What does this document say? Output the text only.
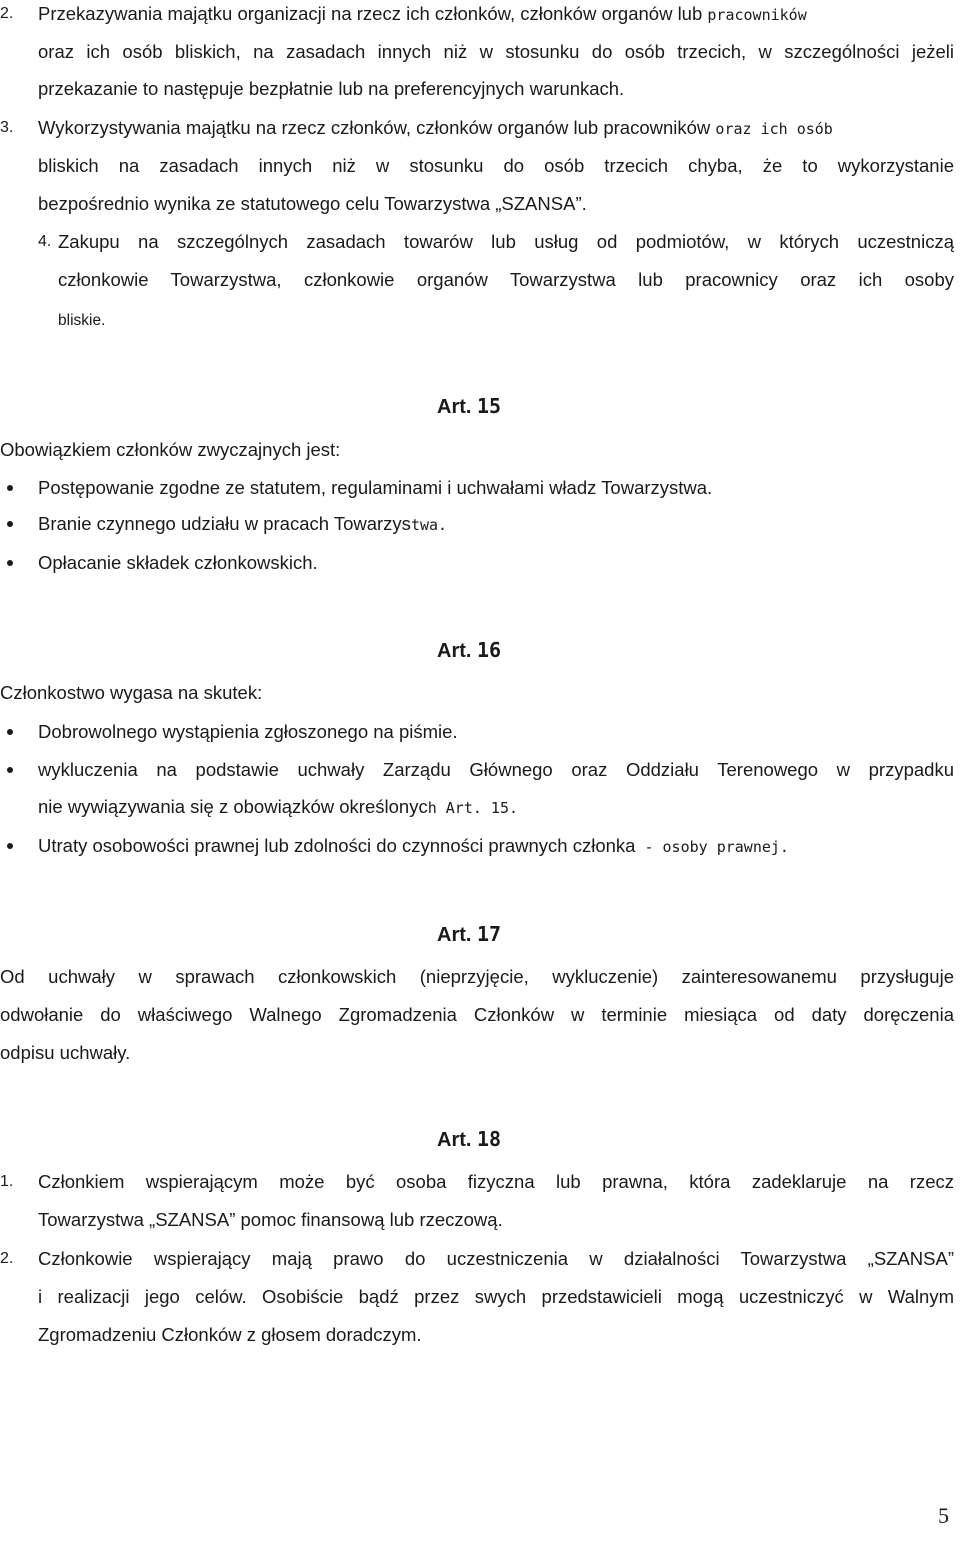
2. Przekazywania majątku organizacji na rzecz ich członków, członków organów lub pracowników
oraz ich osób bliskich, na zasadach innych niż w stosunku do osób trzecich, w szczególności jeżeli
przekazanie to następuje bezpłatnie lub na preferencyjnych warunkach.
3. Wykorzystywania majątku na rzecz członków, członków organów lub pracowników oraz ich osób
bliskich na zasadach innych niż w stosunku do osób trzecich chyba, że to wykorzystanie
bezpośrednio wynika ze statutowego celu Towarzystwa „SZANSA”.
4. Zakupu na szczególnych zasadach towarów lub usług od podmiotów, w których uczestniczą
członkowie Towarzystwa, członkowie organów Towarzystwa lub pracownicy oraz ich osoby
bliskie.
Art. 15
Obowiązkiem członków zwyczajnych jest:
Postępowanie zgodne ze statutem, regulaminami i uchwałami władz Towarzystwa.
Branie czynnego udziału w pracach Towarzystwa.
Opłacanie składek członkowskich.
Art. 16
Członkostwo wygasa na skutek:
Dobrowolnego wystąpienia zgłoszonego na piśmie.
wykluczenia na podstawie uchwały Zarządu Głównego oraz Oddziału Terenowego w przypadku
nie wywiązywania się z obowiązków określonych Art. 15.
Utraty osobowości prawnej lub zdolności do czynności prawnych członka - osoby prawnej.
Art. 17
Od uchwały w sprawach członkowskich (nieprzyjęcie, wykluczenie) zainteresowanemu przysługuje
odwołanie do właściwego Walnego Zgromadzenia Członków w terminie miesiąca od daty doręczenia
odpisu uchwały.
Art. 18
1. Członkiem wspierającym może być osoba fizyczna lub prawna, która zadeklaruje na rzecz
Towarzystwa „SZANSA” pomoc finansową lub rzeczową.
2. Członkowie wspierający mają prawo do uczestniczenia w działalności Towarzystwa „SZANSA”
i realizacji jego celów. Osobiście bądź przez swych przedstawicieli mogą uczestniczyć w Walnym
Zgromadzeniu Członków z głosem doradczym.
5
